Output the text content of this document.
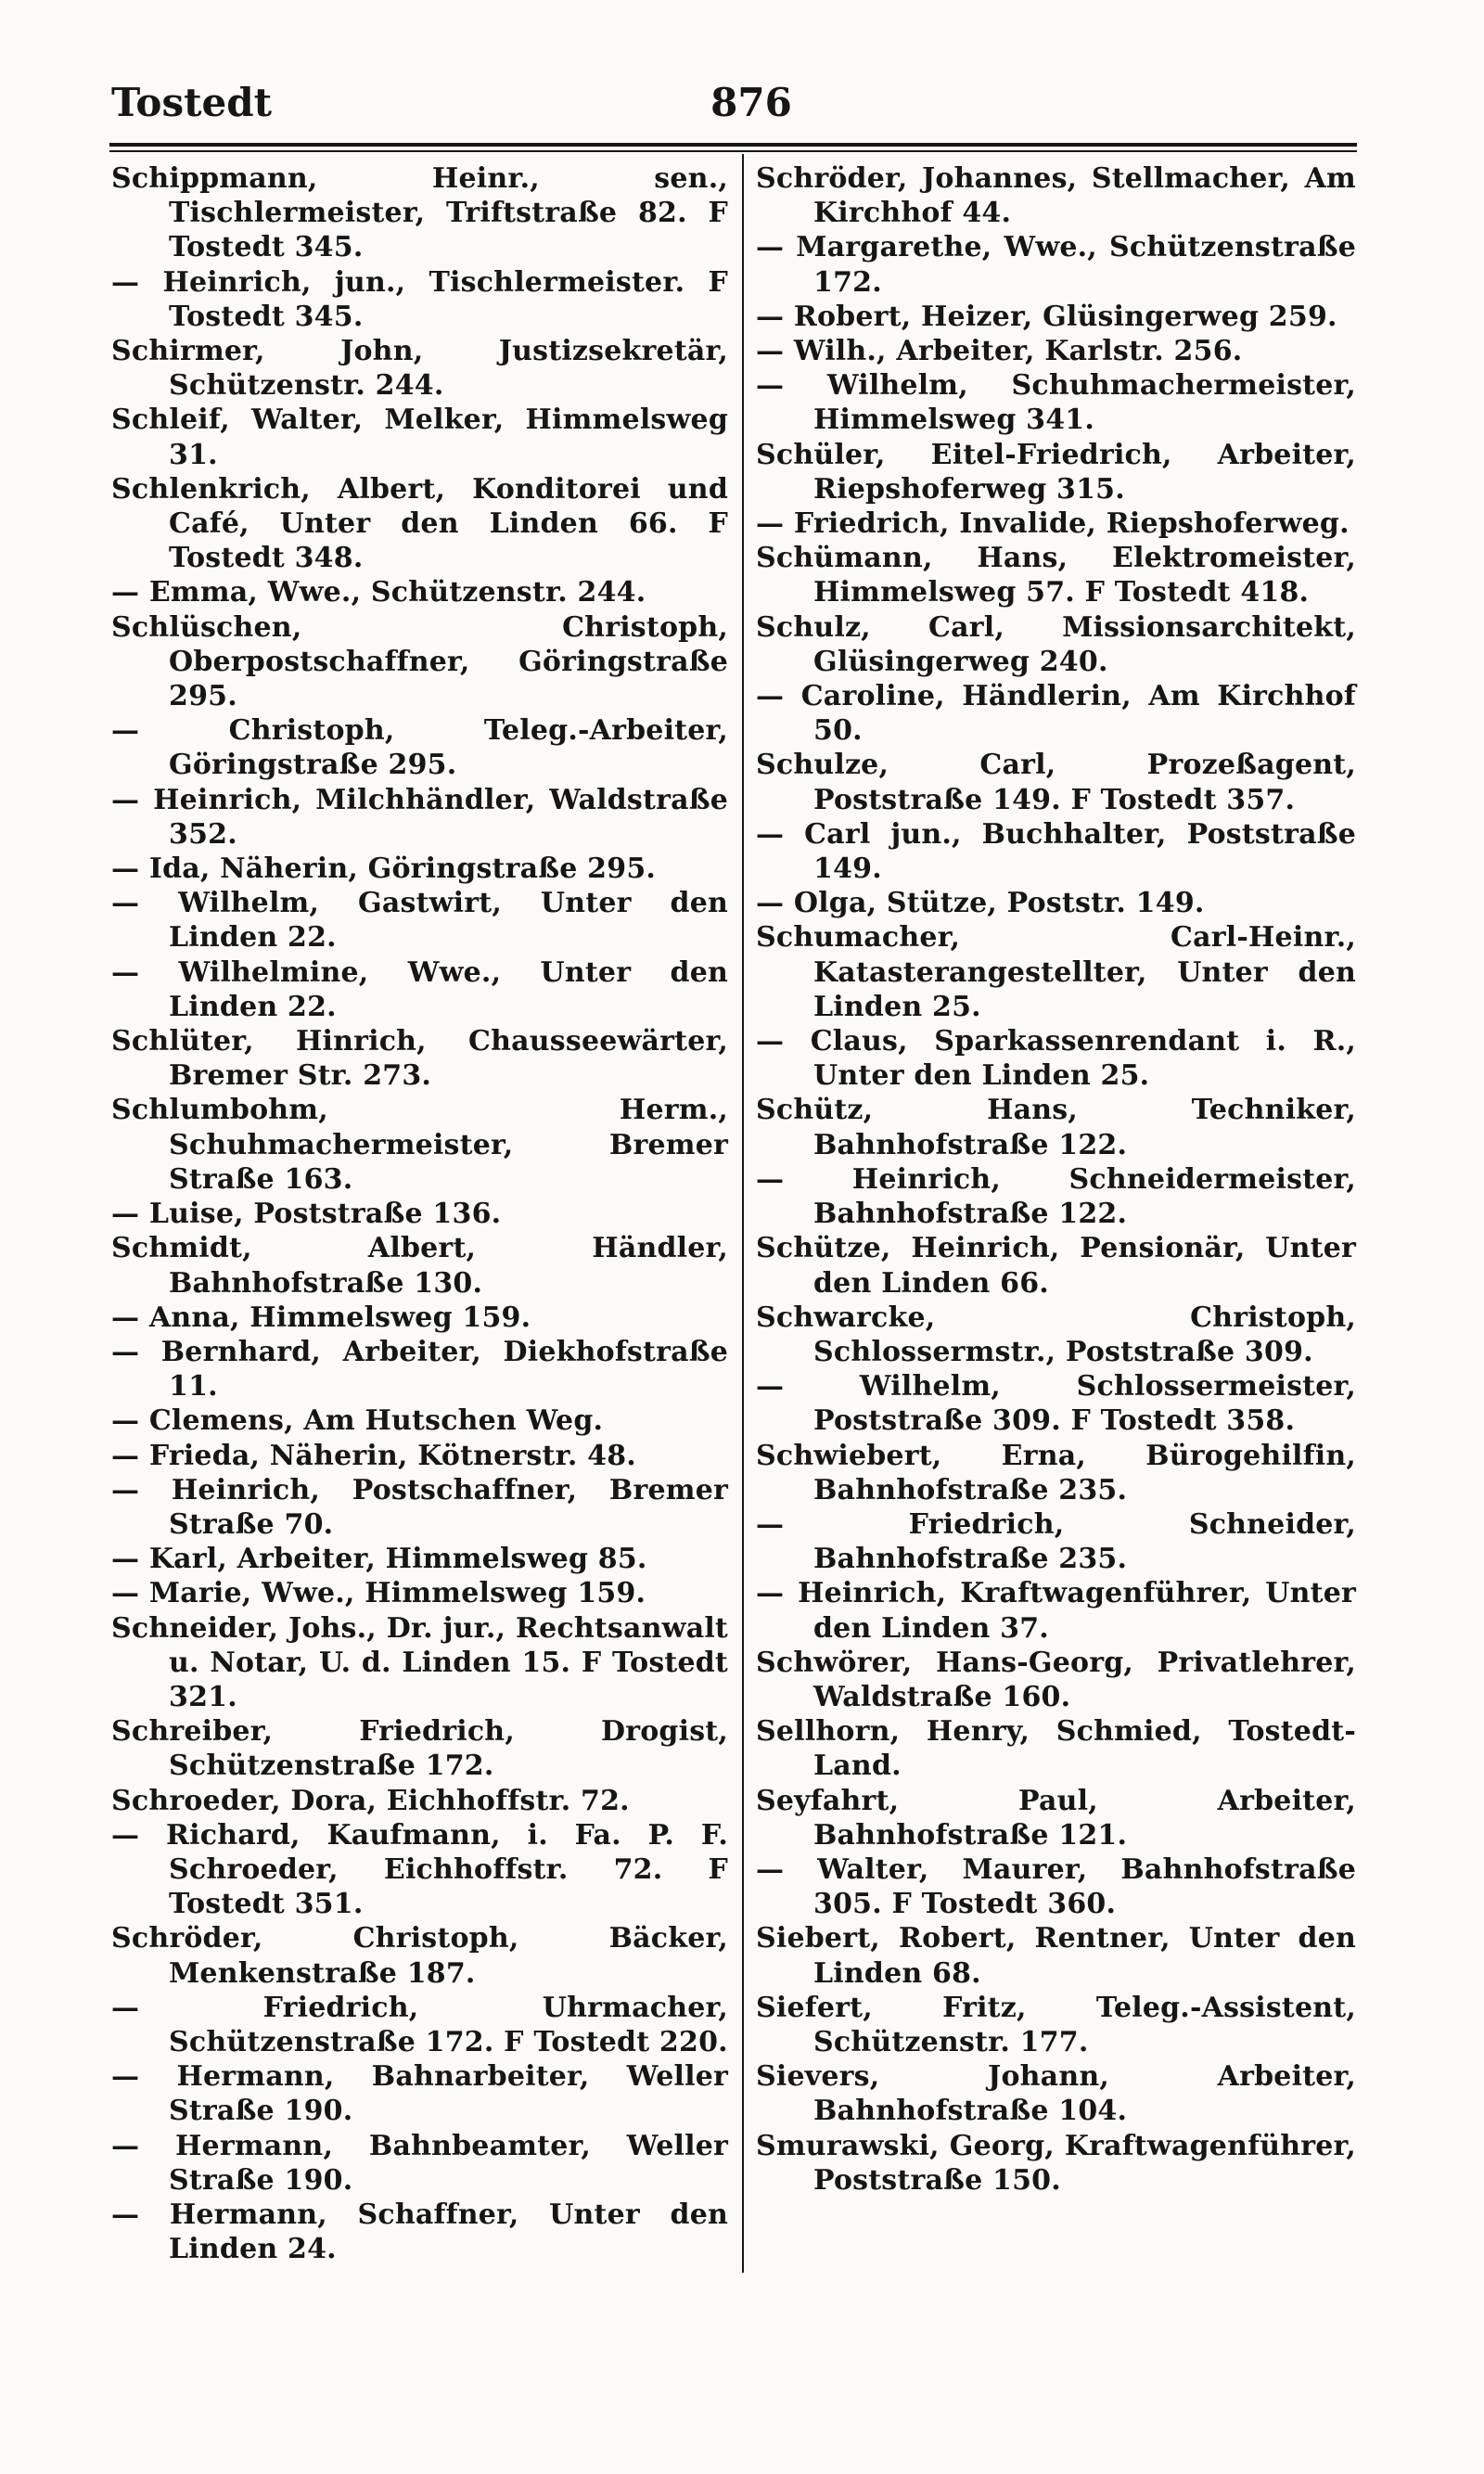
Tostedt	876

Schippmann, Heinr., sen., Tischlermeister, Triftstraße 82. F Tostedt 345.

— Heinrich, jun., Tischlermeister. F Tostedt 345.

Schirmer, John, Justizsekretär, Schützenstr. 244.

Schleif, Walter, Melker, Himmelsweg 31.

Schlenkrich, Albert, Konditorei und Café, Unter den Linden 66. F Tostedt 348.

— Emma, Wwe., Schützenstr. 244.

Schlüschen, Christoph, Oberpostschaffner, Göringstraße 295.

— Christoph, Teleg.-Arbeiter, Göringstraße 295.

— Heinrich, Milchhändler, Waldstraße 352.

— Ida, Näherin, Göringstraße 295.

— Wilhelm, Gastwirt, Unter den Linden 22.

— Wilhelmine, Wwe., Unter den Linden 22.

Schlüter, Hinrich, Chausseewärter, Bremer Str. 273.

Schlumbohm, Herm., Schuhmachermeister, Bremer Straße 163.

— Luise, Poststraße 136.

Schmidt, Albert, Händler, Bahnhofstraße 130.

— Anna, Himmelsweg 159.

— Bernhard, Arbeiter, Diekhofstraße 11.

— Clemens, Am Hutschen Weg.

— Frieda, Näherin, Kötnerstr. 48.

— Heinrich, Postschaffner, Bremer Straße 70.

— Karl, Arbeiter, Himmelsweg 85.

— Marie, Wwe., Himmelsweg 159.

Schneider, Johs., Dr. jur., Rechtsanwalt u. Notar, U. d. Linden 15. F Tostedt 321.

Schreiber, Friedrich, Drogist, Schützenstraße 172.

Schroeder, Dora, Eichhoffstr. 72.

— Richard, Kaufmann, i. Fa. P. F. Schroeder, Eichhoffstr. 72. F Tostedt 351.

Schröder, Christoph, Bäcker, Menkenstraße 187.

— Friedrich, Uhrmacher, Schützenstraße 172. F Tostedt 220.

— Hermann, Bahnarbeiter, Weller Straße 190.

— Hermann, Bahnbeamter, Weller Straße 190.

— Hermann, Schaffner, Unter den Linden 24.

Schröder, Johannes, Stellmacher, Am Kirchhof 44.

— Margarethe, Wwe., Schützenstraße 172.

— Robert, Heizer, Glüsingerweg 259.

— Wilh., Arbeiter, Karlstr. 256.

— Wilhelm, Schuhmachermeister, Himmelsweg 341.

Schüler, Eitel-Friedrich, Arbeiter, Riepshoferweg 315.

— Friedrich, Invalide, Riepshoferweg.

Schümann, Hans, Elektromeister, Himmelsweg 57. F Tostedt 418.

Schulz, Carl, Missionsarchitekt, Glüsingerweg 240.

— Caroline, Händlerin, Am Kirchhof 50.

Schulze, Carl, Prozeßagent, Poststraße 149. F Tostedt 357.

— Carl jun., Buchhalter, Poststraße 149.

— Olga, Stütze, Poststr. 149.

Schumacher, Carl-Heinr., Katasterangestellter, Unter den Linden 25.

— Claus, Sparkassenrendant i. R., Unter den Linden 25.

Schütz, Hans, Techniker, Bahnhofstraße 122.

— Heinrich, Schneidermeister, Bahnhofstraße 122.

Schütze, Heinrich, Pensionär, Unter den Linden 66.

Schwarcke, Christoph, Schlossermstr., Poststraße 309.

— Wilhelm, Schlossermeister, Poststraße 309. F Tostedt 358.

Schwiebert, Erna, Bürogehilfin, Bahnhofstraße 235.

— Friedrich, Schneider, Bahnhofstraße 235.

— Heinrich, Kraftwagenführer, Unter den Linden 37.

Schwörer, Hans-Georg, Privatlehrer, Waldstraße 160.

Sellhorn, Henry, Schmied, Tostedt-Land.

Seyfahrt, Paul, Arbeiter, Bahnhofstraße 121.

— Walter, Maurer, Bahnhofstraße 305. F Tostedt 360.

Siebert, Robert, Rentner, Unter den Linden 68.

Siefert, Fritz, Teleg.-Assistent, Schützenstr. 177.

Sievers, Johann, Arbeiter, Bahnhofstraße 104.

Smurawski, Georg, Kraftwagenführer, Poststraße 150.
